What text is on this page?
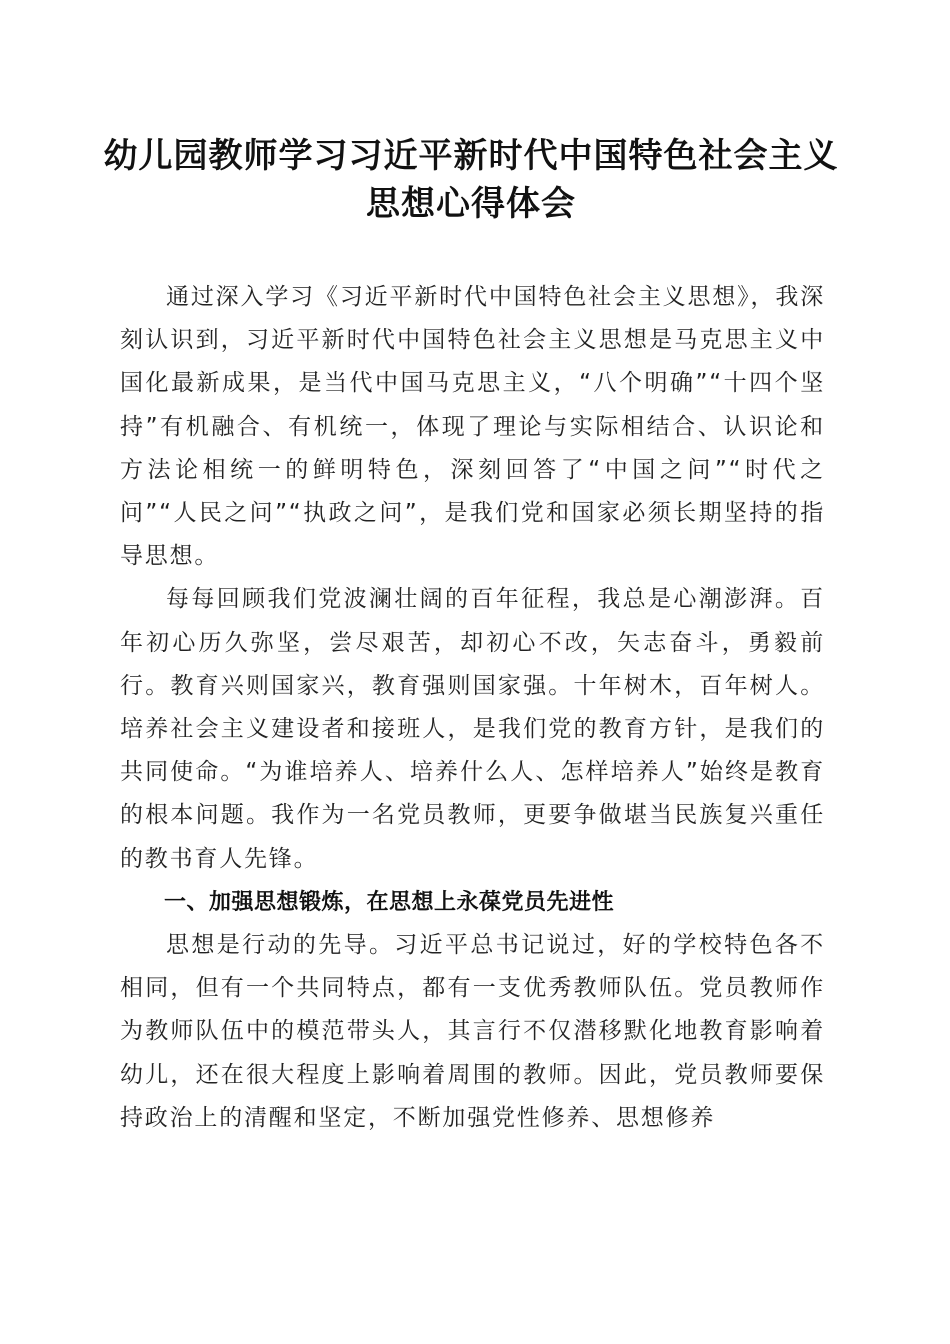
幼儿园教师学习习近平新时代中国特色社会主义思想心得体会

通过深入学习《习近平新时代中国特色社会主义思想》，我深刻认识到，习近平新时代中国特色社会主义思想是马克思主义中国化最新成果，是当代中国马克思主义，“八个明确”“十四个坚持”有机融合、有机统一，体现了理论与实际相结合、认识论和方法论相统一的鲜明特色，深刻回答了“中国之问”“时代之问”“人民之问”“执政之问”，是我们党和国家必须长期坚持的指导思想。

每每回顾我们党波澜壮阔的百年征程，我总是心潮澎湃。百年初心历久弥坚，尝尽艰苦，却初心不改，矢志奋斗，勇毅前行。教育兴则国家兴，教育强则国家强。十年树木，百年树人。培养社会主义建设者和接班人，是我们党的教育方针，是我们的共同使命。“为谁培养人、培养什么人、怎样培养人”始终是教育的根本问题。我作为一名党员教师，更要争做堪当民族复兴重任的教书育人先锋。

一、加强思想锻炼，在思想上永葆党员先进性

思想是行动的先导。习近平总书记说过，好的学校特色各不相同，但有一个共同特点，都有一支优秀教师队伍。党员教师作为教师队伍中的模范带头人，其言行不仅潜移默化地教育影响着幼儿，还在很大程度上影响着周围的教师。因此，党员教师要保持政治上的清醒和坚定，不断加强党性修养、思想修养
